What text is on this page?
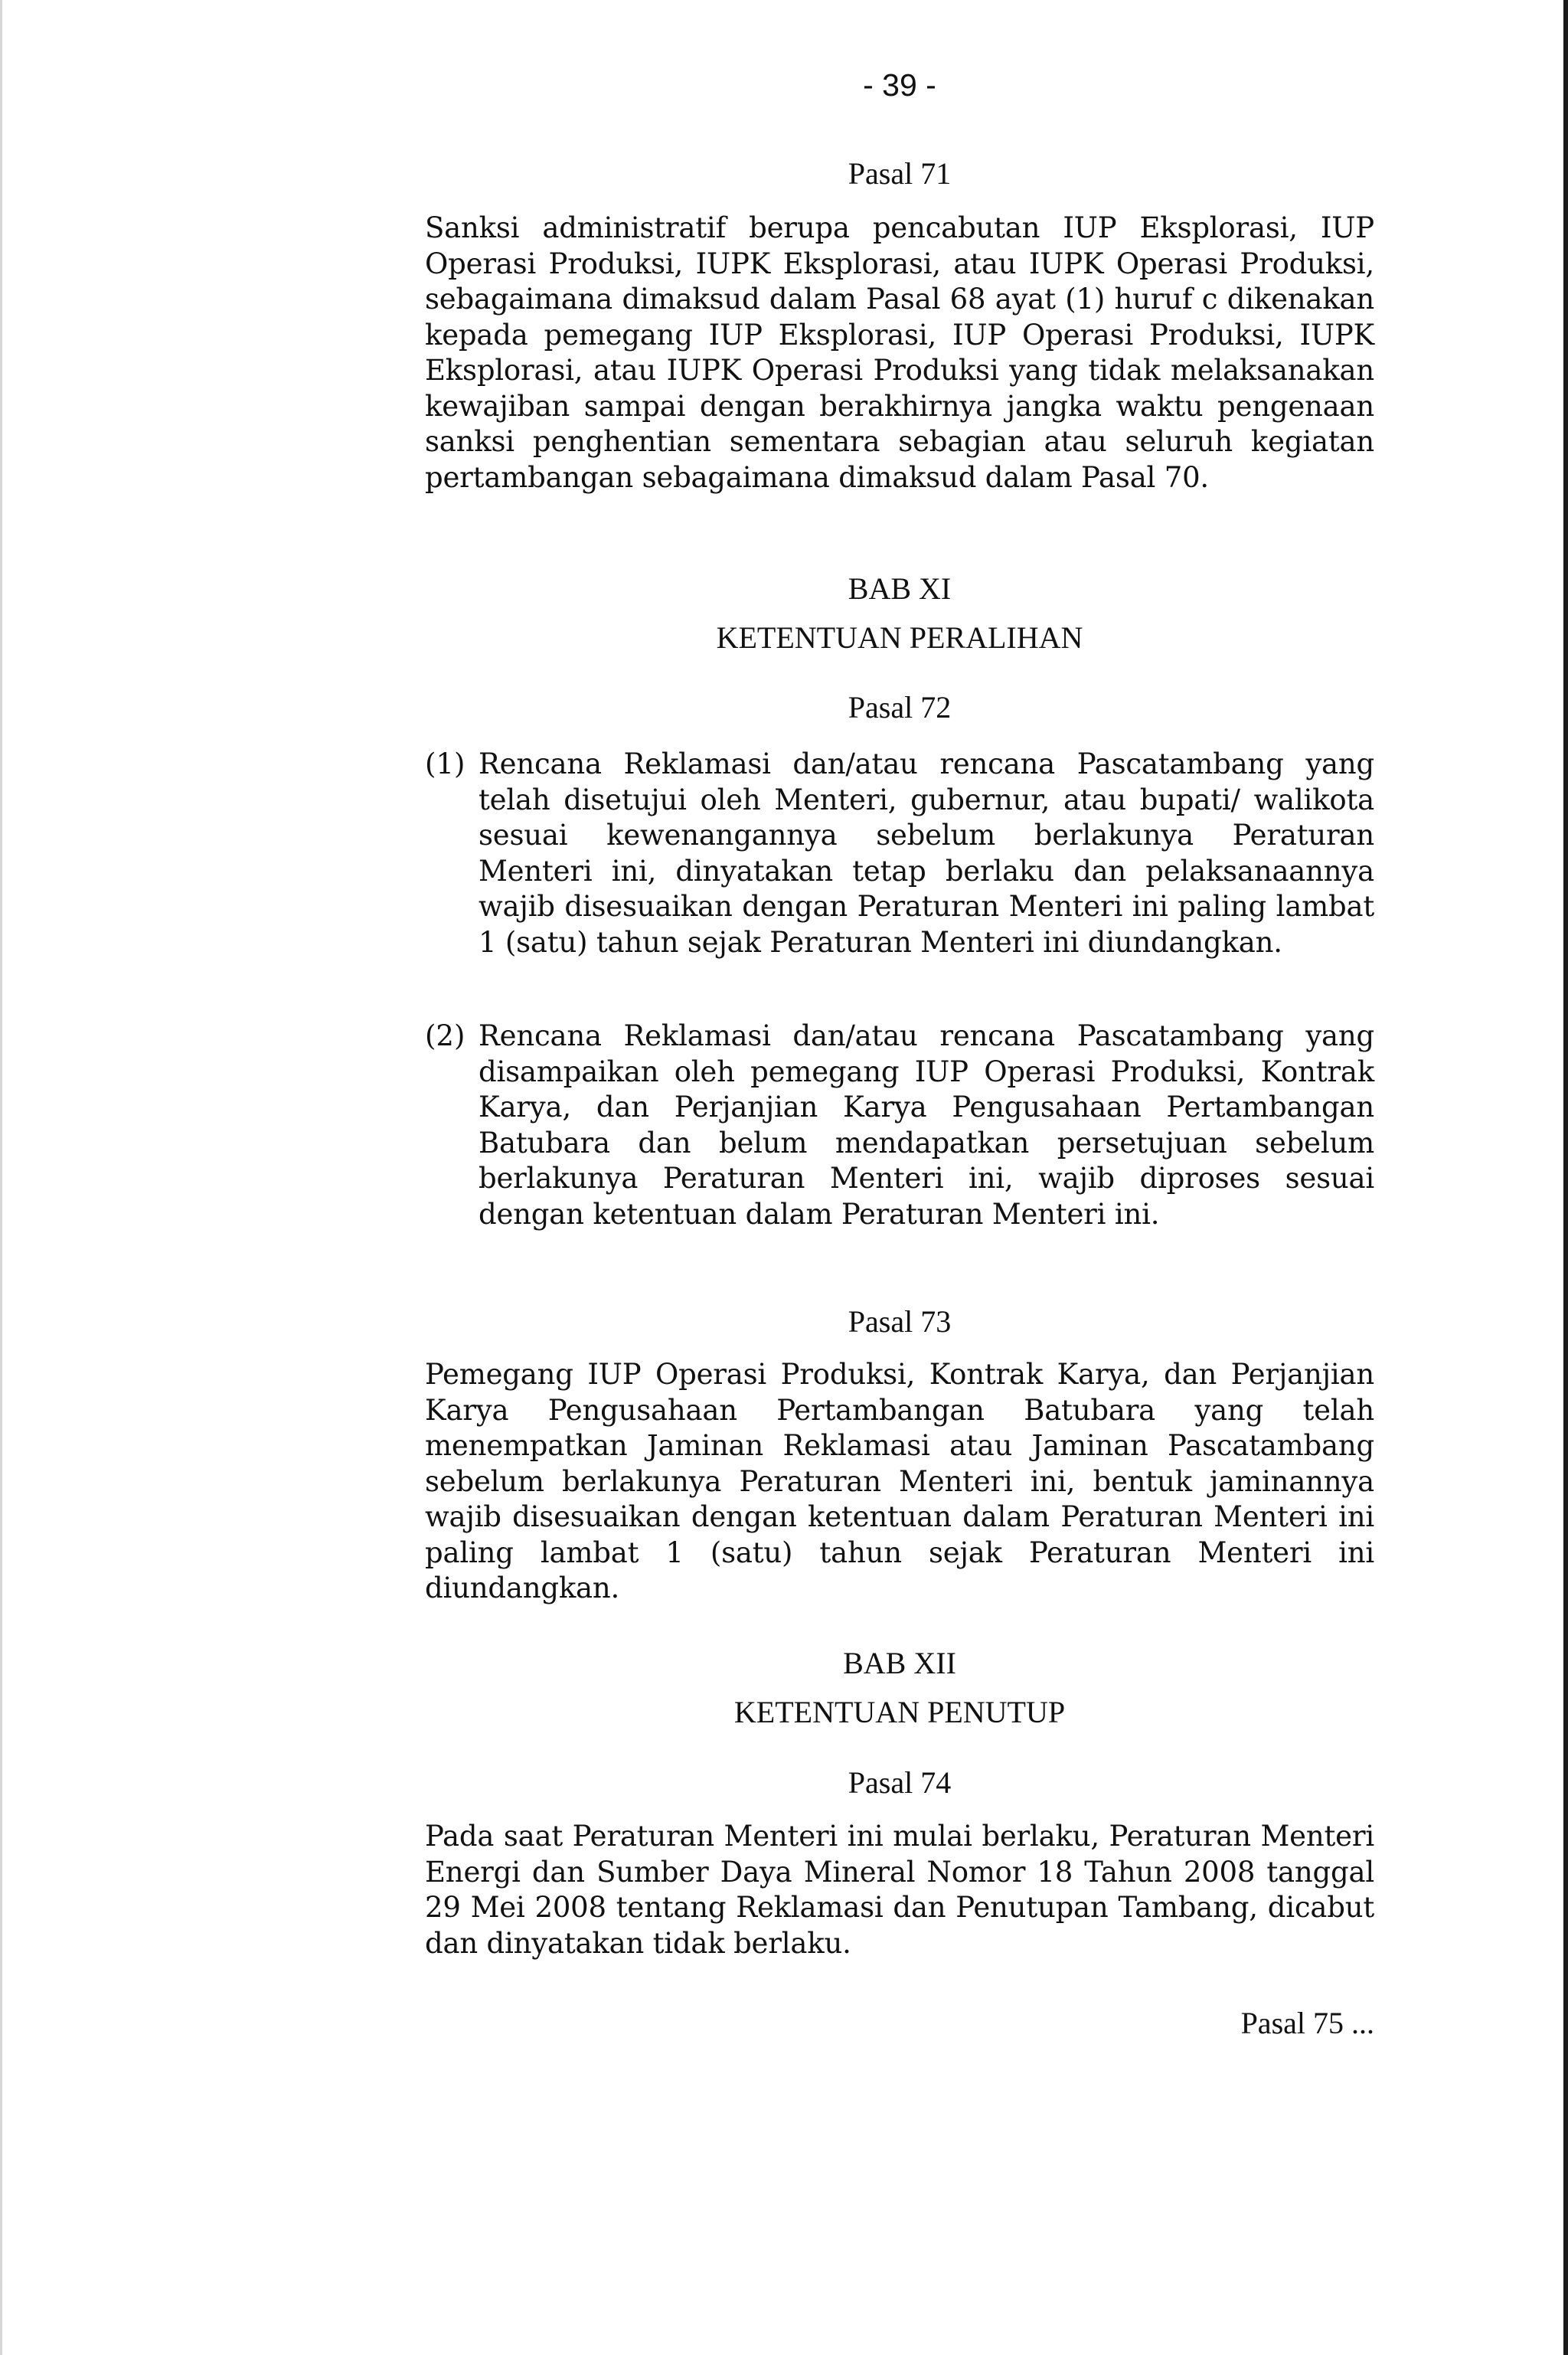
- 39 -
Pasal 71
Sanksi administratif berupa pencabutan IUP Eksplorasi, IUP Operasi Produksi, IUPK Eksplorasi, atau IUPK Operasi Produksi, sebagaimana dimaksud dalam Pasal 68 ayat (1) huruf c dikenakan kepada pemegang IUP Eksplorasi, IUP Operasi Produksi, IUPK Eksplorasi, atau IUPK Operasi Produksi yang tidak melaksanakan kewajiban sampai dengan berakhirnya jangka waktu pengenaan sanksi penghentian sementara sebagian atau seluruh kegiatan pertambangan sebagaimana dimaksud dalam Pasal 70.
BAB XI
KETENTUAN PERALIHAN
Pasal 72
(1) Rencana Reklamasi dan/atau rencana Pascatambang yang telah disetujui oleh Menteri, gubernur, atau bupati/ walikota sesuai kewenangannya sebelum berlakunya Peraturan Menteri ini, dinyatakan tetap berlaku dan pelaksanaannya wajib disesuaikan dengan Peraturan Menteri ini paling lambat 1 (satu) tahun sejak Peraturan Menteri ini diundangkan.
(2) Rencana Reklamasi dan/atau rencana Pascatambang yang disampaikan oleh pemegang IUP Operasi Produksi, Kontrak Karya, dan Perjanjian Karya Pengusahaan Pertambangan Batubara dan belum mendapatkan persetujuan sebelum berlakunya Peraturan Menteri ini, wajib diproses sesuai dengan ketentuan dalam Peraturan Menteri ini.
Pasal 73
Pemegang IUP Operasi Produksi, Kontrak Karya, dan Perjanjian Karya Pengusahaan Pertambangan Batubara yang telah menempatkan Jaminan Reklamasi atau Jaminan Pascatambang sebelum berlakunya Peraturan Menteri ini, bentuk jaminannya wajib disesuaikan dengan ketentuan dalam Peraturan Menteri ini paling lambat 1 (satu) tahun sejak Peraturan Menteri ini diundangkan.
BAB XII
KETENTUAN PENUTUP
Pasal 74
Pada saat Peraturan Menteri ini mulai berlaku, Peraturan Menteri Energi dan Sumber Daya Mineral Nomor 18 Tahun 2008 tanggal 29 Mei 2008 tentang Reklamasi dan Penutupan Tambang, dicabut dan dinyatakan tidak berlaku.
Pasal 75 ...
